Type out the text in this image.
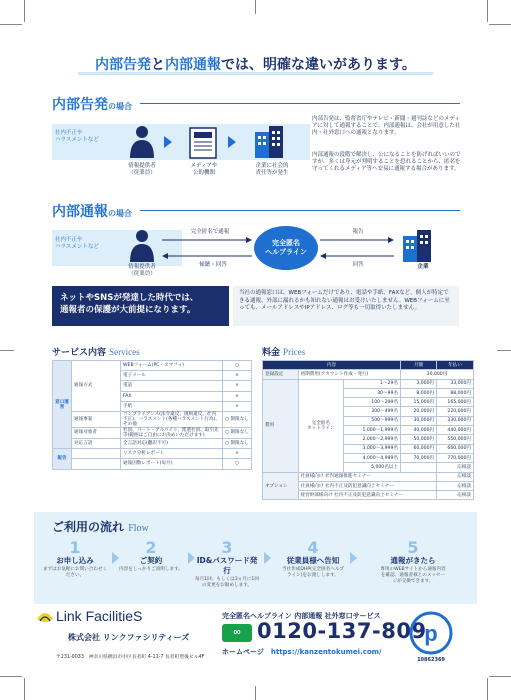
内部告発と内部通報では、明確な違いがあります。
内部告発の場合
社内不正や
ハラスメントなど
情報提供者
（従業員）
メディアや
公的機関
企業に社会的
責任等が発生
内部告発は、監督省庁やテレビ・新聞・週刊誌などのメディアに対して通報することで、内部通報は、会社が用意した社内・社外窓口への通報となります。
内部通報の段階で解決し、公になることを防げればいいのですが、多くは身元が判明することを恐れることから、匿名を守ってくれるメディア等へ安易に通報する場合があります。
内部通報の場合
社内不正や
ハラスメントなど	完全匿名
ヘルプライン
完全匿名で通報
傾聴・回答
報告
回答
情報提供者
（従業員）
企業
ネットやSNSが発達した時代では、
通報者の保護が大前提になります。
当社の通報窓口は、WEBフォームだけであり、電話や手紙、FAXなど、個人が特定できる通報、外部に漏れるかも知れない通報はお受けいたしません。WEBフォームに至っても、メールアドレスやIPアドレス、ログ等も一切取得いたしません。
サービス内容 Services
窓口運営	通報方式	WEBフォーム(PC・スマフォ)	○
		電子メール	×
		電話	×
		FAX	×
		手紙	×
	通報事案	コンプライアンス(法令違反、規則違反、社内不正)、ハラスメント(各種ハラスメント行為)、その他	○ 制限なし
	通報対象者	社員、パート・アルバイト、派遣社員、取引先等(範囲はご自由にお決めいただけます)	○ 制限なし
	対応言語	全言語対応(翻訳不可)	○ 制限なし
報告		リスク分析レポート	×
		通報因数レポート(毎月)	○
料金 Prices
内容			月額	年払い
登録設定	初期費用(アカウント作成・発行)		30,000円	
費用	完全匿名
ホットライン	1〜29名	3,000円	33,000円
		30〜99名	8,000円	88,000円
		100〜299名	15,000円	165,000円
		300〜499名	20,000円	220,000円
		500〜999名	30,000円	330,000円
		1,000〜1,999名	40,000円	440,000円
		2,000〜2,999名	50,000円	550,000円
		3,000〜3,999名	60,000円	660,000円
		4,000〜4,999名	70,000円	770,000円
		5,000名以上		応相談
オプション	社員様向け 社内通報推進セミナー			応相談
	社員様向け 社内不正及防犯意識向上セミナー			応相談
	経営幹部様向け 社内不正及防犯意識向上セミナー			応相談
ご利用の流れ Flow
1
お申し込み
まずはお気軽にお問い合わせください。
2
ご契約
内容をしっかりご説明します。
3
ID&パスワード発行
毎月1回、もしくは3ヵ月に1回の変更をお勧めします。
4
従業員様へ告知
当社作成DHP(完全匿名ヘルプライン)をお渡しします。
5
通報がきたら
専用のWEBサイトから通報内容を確認、通報者様とのメッセージが交換できます。
Link FacilitieS
株式会社 リンクファシリティーズ
〒231-0033　神奈川県横浜市中区長者町 4-11-7 長者町豊後ビル4F
完全匿名ヘルプライン 内部通報 社外窓口サービス
∞ 0120-137-809
ホームページ　 https://kanzentokumei.com/
p
10862369
